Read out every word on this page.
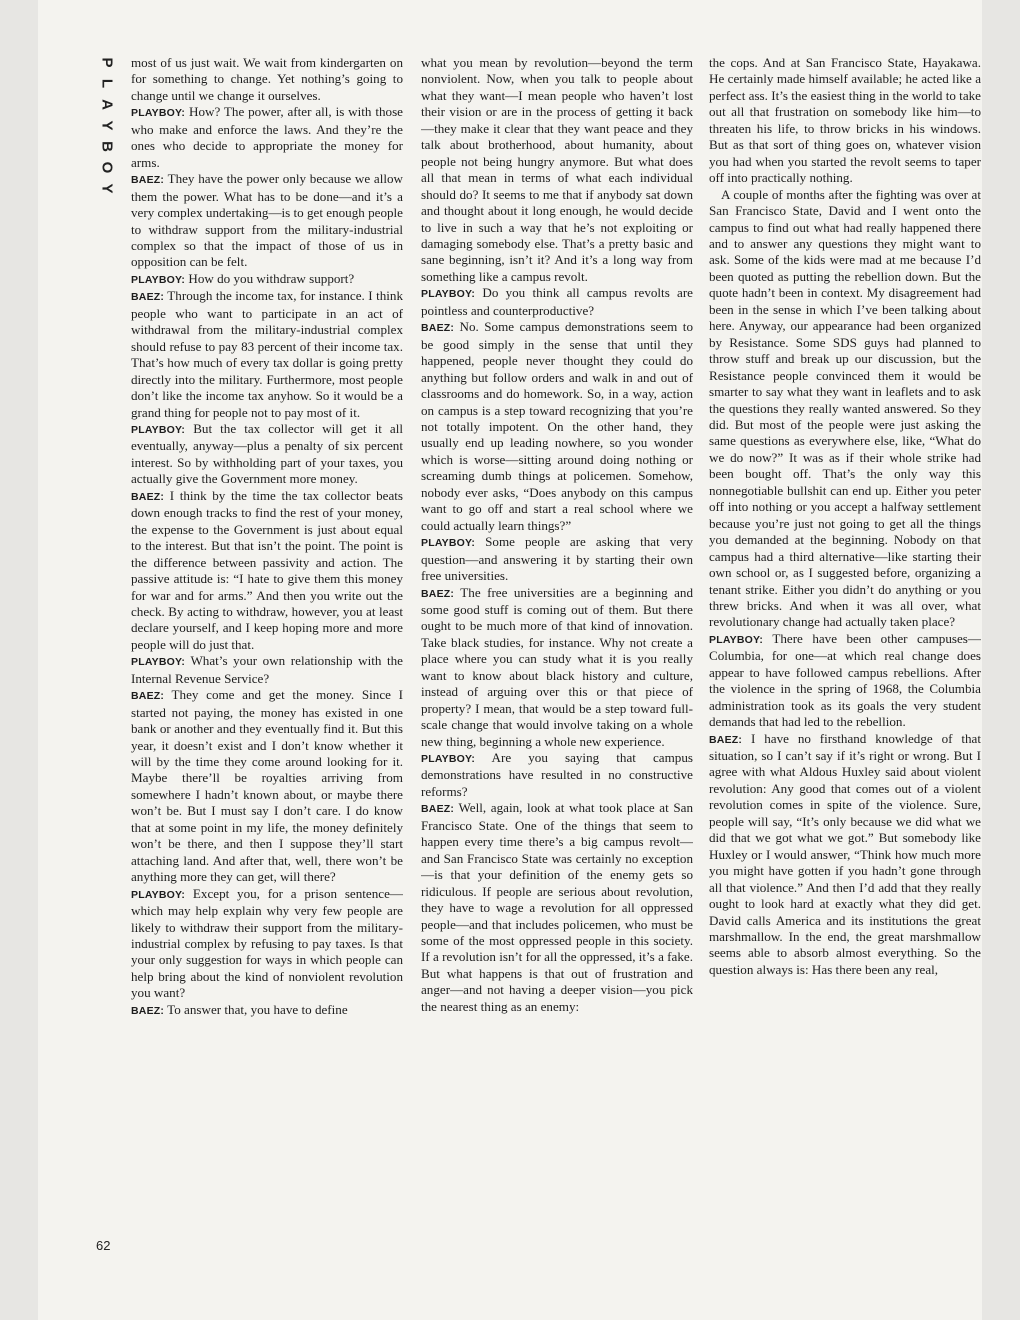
P
L
A
Y
B
O
Y

most of us just wait. We wait from kindergarten on for something to change. Yet nothing’s going to change until we change it ourselves.

PLAYBOY: How? The power, after all, is with those who make and enforce the laws. And they’re the ones who decide to appropriate the money for arms.

BAEZ: They have the power only because we allow them the power. What has to be done—and it’s a very complex undertaking—is to get enough people to withdraw support from the military-industrial complex so that the impact of those of us in opposition can be felt.

PLAYBOY: How do you withdraw support?

BAEZ: Through the income tax, for instance. I think people who want to participate in an act of withdrawal from the military-industrial complex should refuse to pay 83 percent of their income tax. That’s how much of every tax dollar is going pretty directly into the military. Furthermore, most people don’t like the income tax anyhow. So it would be a grand thing for people not to pay most of it.

PLAYBOY: But the tax collector will get it all eventually, anyway—plus a penalty of six percent interest. So by withholding part of your taxes, you actually give the Government more money.

BAEZ: I think by the time the tax collector beats down enough tracks to find the rest of your money, the expense to the Government is just about equal to the interest. But that isn’t the point. The point is the difference between passivity and action. The passive attitude is: “I hate to give them this money for war and for arms.” And then you write out the check. By acting to withdraw, however, you at least declare yourself, and I keep hoping more and more people will do just that.

PLAYBOY: What’s your own relationship with the Internal Revenue Service?

BAEZ: They come and get the money. Since I started not paying, the money has existed in one bank or another and they eventually find it. But this year, it doesn’t exist and I don’t know whether it will by the time they come around looking for it. Maybe there’ll be royalties arriving from somewhere I hadn’t known about, or maybe there won’t be. But I must say I don’t care. I do know that at some point in my life, the money definitely won’t be there, and then I suppose they’ll start attaching land. And after that, well, there won’t be anything more they can get, will there?

PLAYBOY: Except you, for a prison sentence—which may help explain why very few people are likely to withdraw their support from the military-industrial complex by refusing to pay taxes. Is that your only suggestion for ways in which people can help bring about the kind of nonviolent revolution you want?

BAEZ: To answer that, you have to define

what you mean by revolution—beyond the term nonviolent. Now, when you talk to people about what they want—I mean people who haven’t lost their vision or are in the process of getting it back—they make it clear that they want peace and they talk about brotherhood, about humanity, about people not being hungry anymore. But what does all that mean in terms of what each individual should do? It seems to me that if anybody sat down and thought about it long enough, he would decide to live in such a way that he’s not exploiting or damaging somebody else. That’s a pretty basic and sane beginning, isn’t it? And it’s a long way from something like a campus revolt.

PLAYBOY: Do you think all campus revolts are pointless and counterproductive?

BAEZ: No. Some campus demonstrations seem to be good simply in the sense that until they happened, people never thought they could do anything but follow orders and walk in and out of classrooms and do homework. So, in a way, action on campus is a step toward recognizing that you’re not totally impotent. On the other hand, they usually end up leading nowhere, so you wonder which is worse—sitting around doing nothing or screaming dumb things at policemen. Somehow, nobody ever asks, “Does anybody on this campus want to go off and start a real school where we could actually learn things?”

PLAYBOY: Some people are asking that very question—and answering it by starting their own free universities.

BAEZ: The free universities are a beginning and some good stuff is coming out of them. But there ought to be much more of that kind of innovation. Take black studies, for instance. Why not create a place where you can study what it is you really want to know about black history and culture, instead of arguing over this or that piece of property? I mean, that would be a step toward full-scale change that would involve taking on a whole new thing, beginning a whole new experience.

PLAYBOY: Are you saying that campus demonstrations have resulted in no constructive reforms?

BAEZ: Well, again, look at what took place at San Francisco State. One of the things that seem to happen every time there’s a big campus revolt—and San Francisco State was certainly no exception—is that your definition of the enemy gets so ridiculous. If people are serious about revolution, they have to wage a revolution for all oppressed people—and that includes policemen, who must be some of the most oppressed people in this society. If a revolution isn’t for all the oppressed, it’s a fake. But what happens is that out of frustration and anger—and not having a deeper vision—you pick the nearest thing as an enemy:

the cops. And at San Francisco State, Hayakawa. He certainly made himself available; he acted like a perfect ass. It’s the easiest thing in the world to take out all that frustration on somebody like him—to threaten his life, to throw bricks in his windows. But as that sort of thing goes on, whatever vision you had when you started the revolt seems to taper off into practically nothing.

A couple of months after the fighting was over at San Francisco State, David and I went onto the campus to find out what had really happened there and to answer any questions they might want to ask. Some of the kids were mad at me because I’d been quoted as putting the rebellion down. But the quote hadn’t been in context. My disagreement had been in the sense in which I’ve been talking about here. Anyway, our appearance had been organized by Resistance. Some SDS guys had planned to throw stuff and break up our discussion, but the Resistance people convinced them it would be smarter to say what they want in leaflets and to ask the questions they really wanted answered. So they did. But most of the people were just asking the same questions as everywhere else, like, “What do we do now?” It was as if their whole strike had been bought off. That’s the only way this nonnegotiable bullshit can end up. Either you peter off into nothing or you accept a halfway settlement because you’re just not going to get all the things you demanded at the beginning. Nobody on that campus had a third alternative—like starting their own school or, as I suggested before, organizing a tenant strike. Either you didn’t do anything or you threw bricks. And when it was all over, what revolutionary change had actually taken place?

PLAYBOY: There have been other campuses—Columbia, for one—at which real change does appear to have followed campus rebellions. After the violence in the spring of 1968, the Columbia administration took as its goals the very student demands that had led to the rebellion.

BAEZ: I have no firsthand knowledge of that situation, so I can’t say if it’s right or wrong. But I agree with what Aldous Huxley said about violent revolution: Any good that comes out of a violent revolution comes in spite of the violence. Sure, people will say, “It’s only because we did what we did that we got what we got.” But somebody like Huxley or I would answer, “Think how much more you might have gotten if you hadn’t gone through all that violence.” And then I’d add that they really ought to look hard at exactly what they did get. David calls America and its institutions the great marshmallow. In the end, the great marshmallow seems able to absorb almost everything. So the question always is: Has there been any real,

62
